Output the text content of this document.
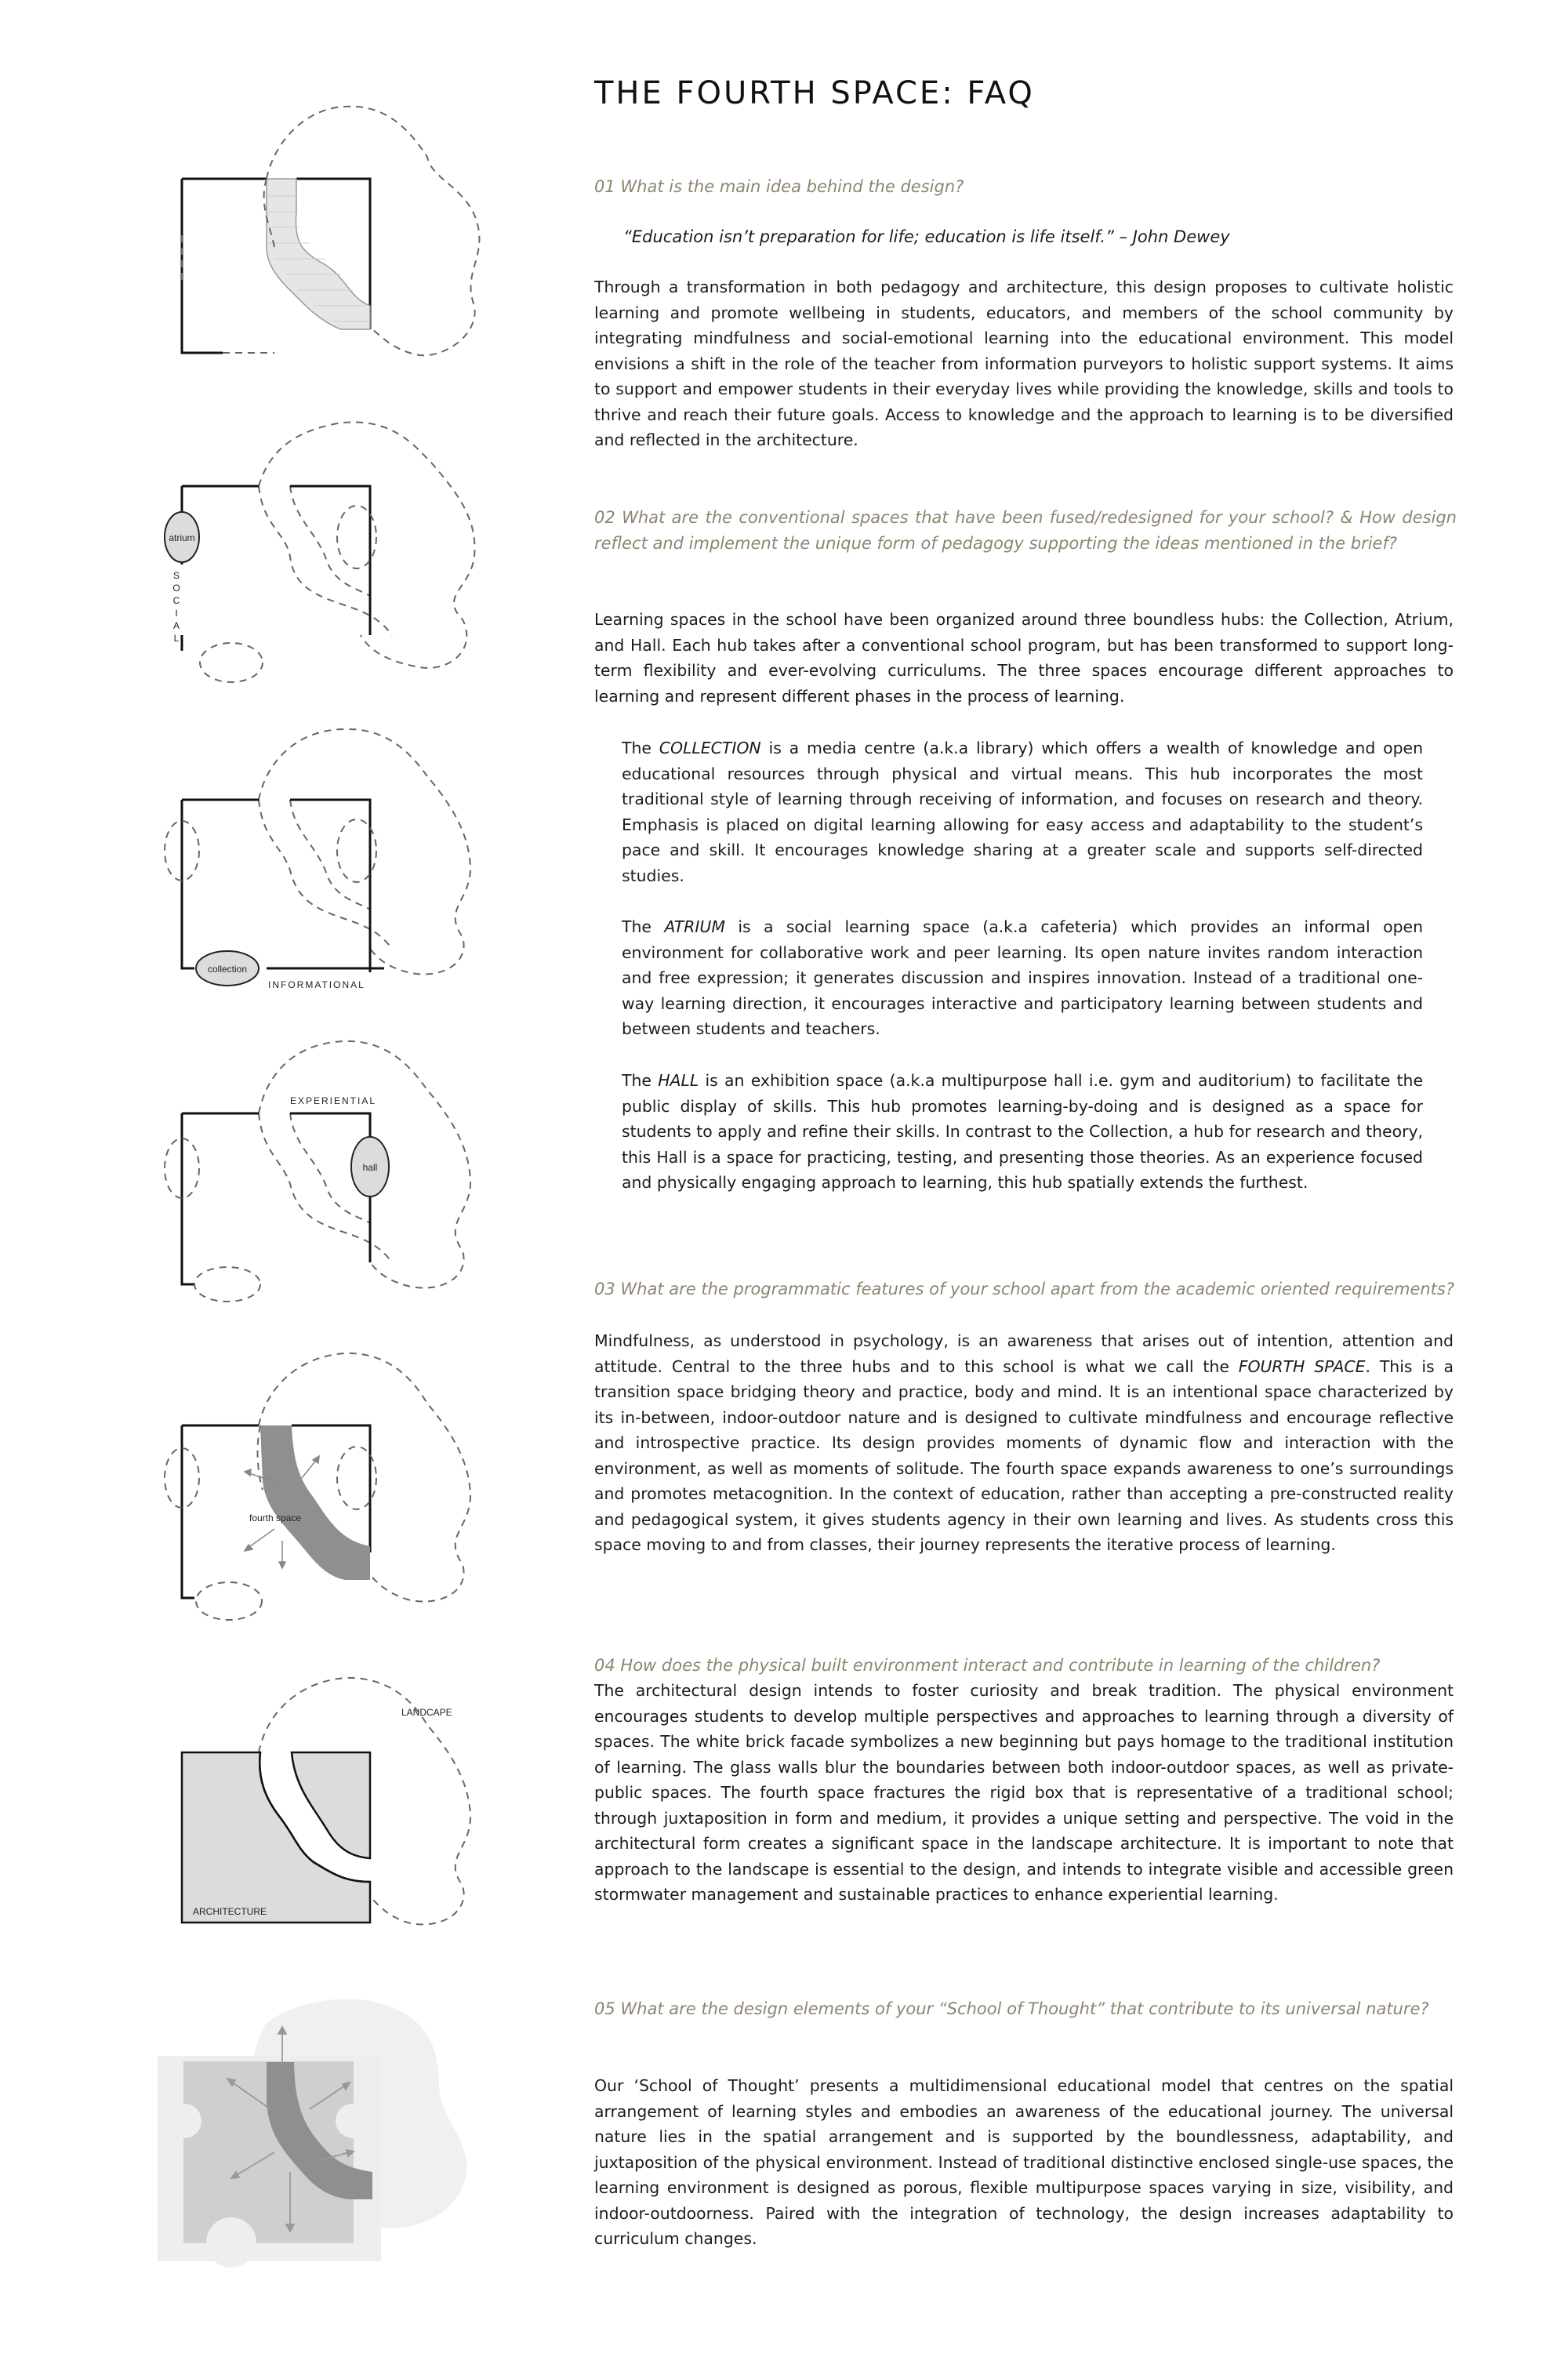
THE FOURTH SPACE: FAQ
01 What is the main idea behind the design?
“Education isn’t preparation for life; education is life itself.” – John Dewey
Through a transformation in both pedagogy and architecture, this design proposes to cultivate holistic learning and promote wellbeing in students, educators, and members of the school community by integrating mindfulness and social-emotional learning into the educational environment. This model envisions a shift in the role of the teacher from information purveyors to holistic support systems. It aims to support and empower students in their everyday lives while providing the knowledge, skills and tools to thrive and reach their future goals. Access to knowledge and the approach to learning is to be diversified and reflected in the architecture.
02 What are the conventional spaces that have been fused/redesigned for your school? & How design reflect and implement the unique form of pedagogy supporting the ideas mentioned in the brief?
Learning spaces in the school have been organized around three boundless hubs: the Collection, Atrium, and Hall. Each hub takes after a conventional school program, but has been transformed to support long-term flexibility and ever-evolving curriculums. The three spaces encourage different approaches to learning and represent different phases in the process of learning.
The COLLECTION is a media centre (a.k.a library) which offers a wealth of knowledge and open educational resources through physical and virtual means. This hub incorporates the most traditional style of learning through receiving of information, and focuses on research and theory. Emphasis is placed on digital learning allowing for easy access and adaptability to the student’s pace and skill. It encourages knowledge sharing at a greater scale and supports self-directed studies.
The ATRIUM is a social learning space (a.k.a cafeteria) which provides an informal open environment for collaborative work and peer learning. Its open nature invites random interaction and free expression; it generates discussion and inspires innovation. Instead of a traditional one-way learning direction, it encourages interactive and participatory learning between students and between students and teachers.
The HALL is an exhibition space (a.k.a multipurpose hall i.e. gym and auditorium) to facilitate the public display of skills. This hub promotes learning-by-doing and is designed as a space for students to apply and refine their skills. In contrast to the Collection, a hub for research and theory, this Hall is a space for practicing, testing, and presenting those theories. As an experience focused and physically engaging approach to learning, this hub spatially extends the furthest.
03 What are the programmatic features of your school apart from the academic oriented requirements?
Mindfulness, as understood in psychology, is an awareness that arises out of intention, attention and attitude. Central to the three hubs and to this school is what we call the FOURTH SPACE. This is a transition space bridging theory and practice, body and mind. It is an intentional space characterized by its in-between, indoor-outdoor nature and is designed to cultivate mindfulness and encourage reflective and introspective practice. Its design provides moments of dynamic flow and interaction with the environment, as well as moments of solitude. The fourth space expands awareness to one’s surroundings and promotes metacognition. In the context of education, rather than accepting a pre-constructed reality and pedagogical system, it gives students agency in their own learning and lives. As students cross this space moving to and from classes, their journey represents the iterative process of learning.
04 How does the physical built environment interact and contribute in learning of the children?
The architectural design intends to foster curiosity and break tradition. The physical environment encourages students to develop multiple perspectives and approaches to learning through a diversity of spaces. The white brick facade symbolizes a new beginning but pays homage to the traditional institution of learning. The glass walls blur the boundaries between both indoor-outdoor spaces, as well as private-public spaces. The fourth space fractures the rigid box that is representative of a traditional school; through juxtaposition in form and medium, it provides a unique setting and perspective. The void in the architectural form creates a significant space in the landscape architecture. It is important to note that approach to the landscape is essential to the design, and intends to integrate visible and accessible green stormwater management and sustainable practices to enhance experiential learning.
05 What are the design elements of your “School of Thought” that contribute to its universal nature?
Our ‘School of Thought’ presents a multidimensional educational model that centres on the spatial arrangement of learning styles and embodies an awareness of the educational journey. The universal nature lies in the spatial arrangement and is supported by the boundlessness, adaptability, and juxtaposition of the physical environment. Instead of traditional distinctive enclosed single-use spaces, the learning environment is designed as porous, flexible multipurpose spaces varying in size, visibility, and indoor-outdoorness. Paired with the integration of technology, the design increases adaptability to curriculum changes.
atrium
S O C I A L
collection
INFORMATIONAL
hall
EXPERIENTIAL
fourth space
LANDCAPE
ARCHITECTURE
